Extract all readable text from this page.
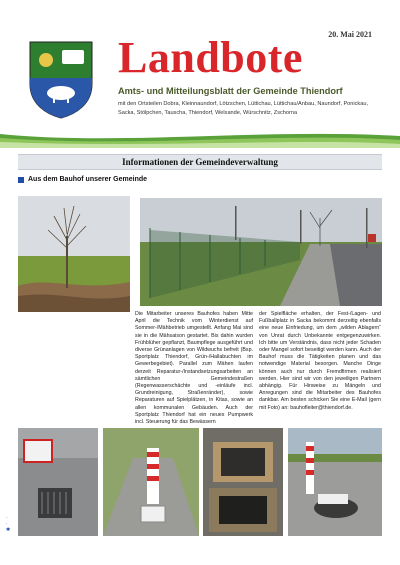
20. Mai 2021
Landbote
Amts- und Mitteilungsblatt der Gemeinde Thiendorf
mit den Ortsteilen Dobra, Kleinnaundorf, Lötzschen, Lüttichau, Lüttichau/Anbau, Naundorf, Ponickau, Sacka, Stölpchen, Tauscha, Thiendorf, Welxande, Würschnitz, Zschorna
Informationen der Gemeindeverwaltung
Aus dem Bauhof unserer Gemeinde

Die Mitarbeiter unseres Bauhofes haben Mitte April die Technik vom Winterdienst auf Sommer-/Mähbetrieb umgestellt. Anfang Mai sind sie in die Mähsaison gestartet. Bis dahin wurden Frühblüher gepflanzt, Baumpflege ausgeführt und diverse Grünanlagen von Wildwuchs befreit (Bsp. Sportplatz Thiendorf, Grün-/Hallabuchten im Gewerbegebiet). Parallel zum Mähen laufen derzeit Reparatur-/Instandsetzungsarbeiten an sämtlichen Gemeindestraßen (Regenwasserschächte und -einläufe incl. Grundreinigung, Straßenränder), sowie Reparaturen auf Spielplätzen, in Kitas, sowie an allen kommunalen Gebäuden. Auch der Sportplatz Thiendorf hat ein neues Pumpwerk incl. Steuerung für das Bewässern

der Spielfläche erhalten, der Fest-/Lagen- und Fußballplatz in Sacka bekommt derzeitig ebenfalls eine neue Einfriedung, um dem „wilden Ablagern“ von Unrat durch Unbekannte entgegenzuwirken. Ich bitte um Verständnis, dass nicht jeder Schaden oder Mangel sofort beseitigt werden kann. Auch der Bauhof muss die Tätigkeiten planen und das notwendige Material besorgen. Manche Dinge können auch nur durch Fremdfirmen realisiert werden. Hier sind wir von den jeweiligen Partnern abhängig. Für Hinweise zu Mängeln und Anregungen sind die Mitarbeiter des Bauhofes dankbar. Am besten schicken Sie eine E-Mail (gern mit Foto) an: bauhofleiter@thiendorf.de.

·
·
✱
